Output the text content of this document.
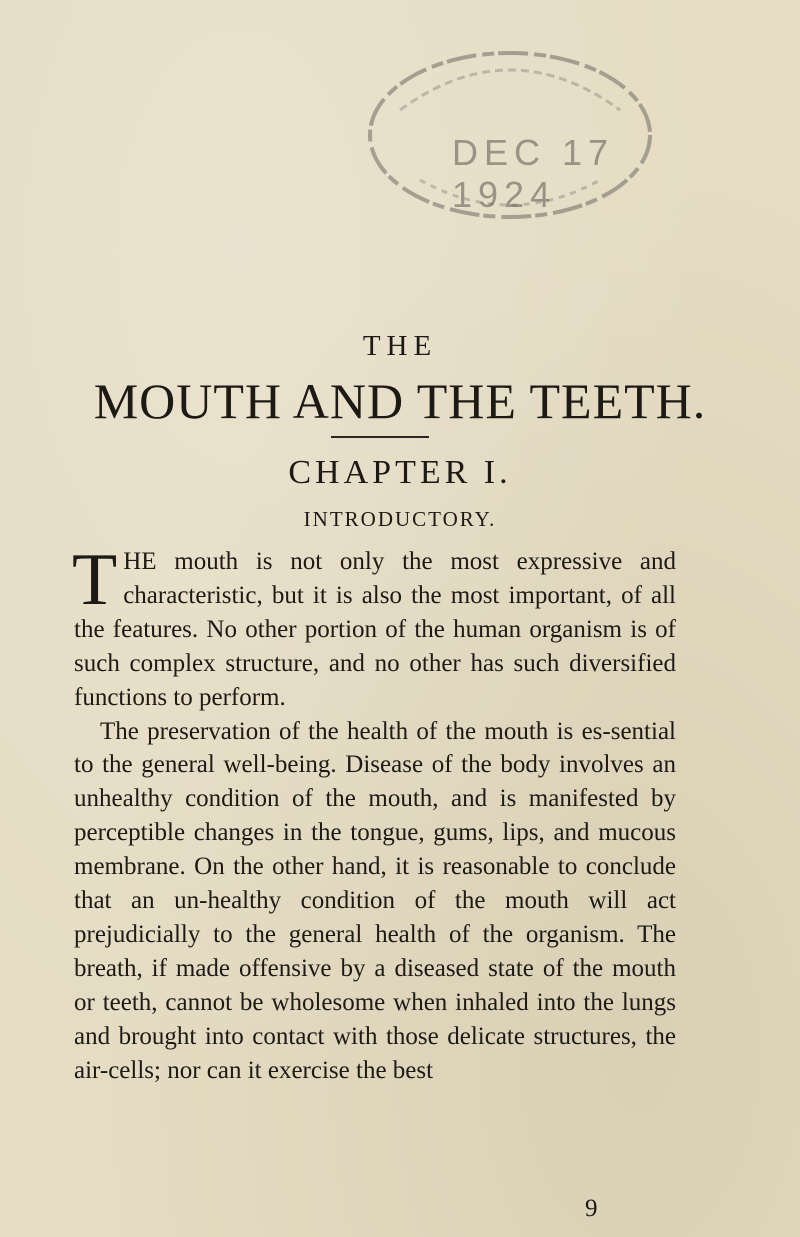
DEC 17 1924
THE
MOUTH AND THE TEETH.
CHAPTER I.
INTRODUCTORY.

THE mouth is not only the most expressive and characteristic, but it is also the most important, of all the features. No other portion of the human organism is of such complex structure, and no other has such diversified functions to perform.

The preservation of the health of the mouth is es-sential to the general well-being. Disease of the body involves an unhealthy condition of the mouth, and is manifested by perceptible changes in the tongue, gums, lips, and mucous membrane. On the other hand, it is reasonable to conclude that an un-healthy condition of the mouth will act prejudicially to the general health of the organism. The breath, if made offensive by a diseased state of the mouth or teeth, cannot be wholesome when inhaled into the lungs and brought into contact with those delicate structures, the air-cells; nor can it exercise the best

9
